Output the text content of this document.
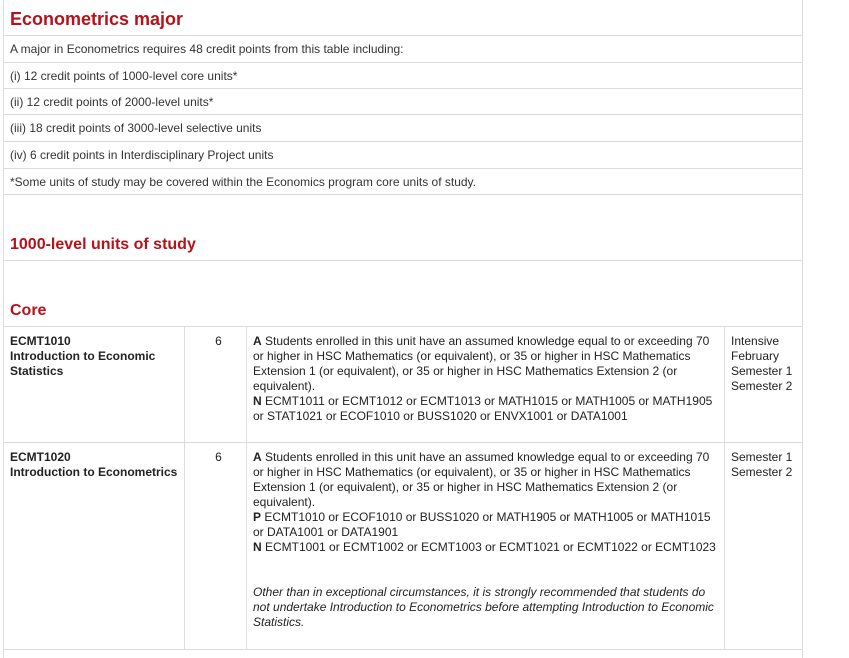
Econometrics major
A major in Econometrics requires 48 credit points from this table including:
(i) 12 credit points of 1000-level core units*
(ii) 12 credit points of 2000-level units*
(iii) 18 credit points of 3000-level selective units
(iv) 6 credit points in Interdisciplinary Project units
*Some units of study may be covered within the Economics program core units of study.
1000-level units of study
Core
ECMT1010
Introduction to Economic Statistics
6	A Students enrolled in this unit have an assumed knowledge equal to or exceeding 70 or higher in HSC Mathematics (or equivalent), or 35 or higher in HSC Mathematics Extension 1 (or equivalent), or 35 or higher in HSC Mathematics Extension 2 (or equivalent).
N ECMT1011 or ECMT1012 or ECMT1013 or MATH1015 or MATH1005 or MATH1905 or STAT1021 or ECOF1010 or BUSS1020 or ENVX1001 or DATA1001
Intensive February
Semester 1
Semester 2
ECMT1020
Introduction to Econometrics
6	A Students enrolled in this unit have an assumed knowledge equal to or exceeding 70 or higher in HSC Mathematics (or equivalent), or 35 or higher in HSC Mathematics Extension 1 (or equivalent), or 35 or higher in HSC Mathematics Extension 2 (or equivalent).
P ECMT1010 or ECOF1010 or BUSS1020 or MATH1905 or MATH1005 or MATH1015 or DATA1001 or DATA1901
N ECMT1001 or ECMT1002 or ECMT1003 or ECMT1021 or ECMT1022 or ECMT1023
Other than in exceptional circumstances, it is strongly recommended that students do not undertake Introduction to Econometrics before attempting Introduction to Economic Statistics.
Semester 1
Semester 2
